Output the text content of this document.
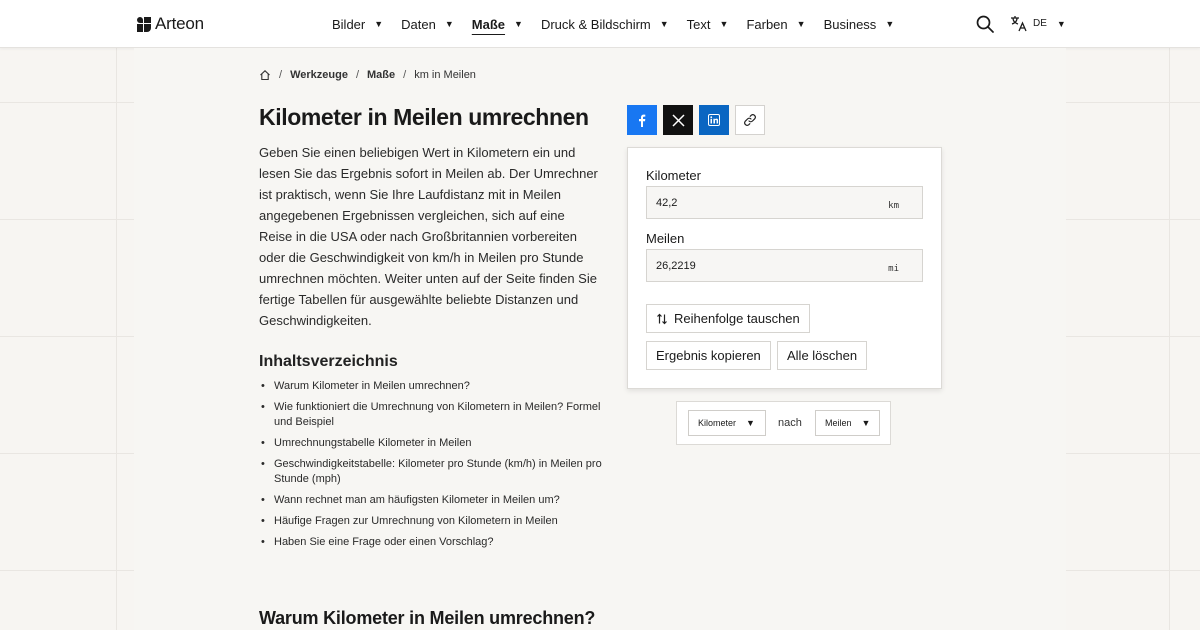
Arteon	Bilder ▼ Daten ▼ Maße ▼ Druck & Bildschirm ▼ Text ▼ Farben ▼ Business ▼	DE ▼
/ Werkzeuge / Maße / km in Meilen
Kilometer in Meilen umrechnen

Geben Sie einen beliebigen Wert in Kilometern ein und lesen Sie das Ergebnis sofort in Meilen ab. Der Umrechner ist praktisch, wenn Sie Ihre Laufdistanz mit in Meilen angegebenen Ergebnissen vergleichen, sich auf eine Reise in die USA oder nach Großbritannien vorbereiten oder die Geschwindigkeit von km/h in Meilen pro Stunde umrechnen möchten. Weiter unten auf der Seite finden Sie fertige Tabellen für ausgewählte beliebte Distanzen und Geschwindigkeiten.

Inhaltsverzeichnis
• Warum Kilometer in Meilen umrechnen?
• Wie funktioniert die Umrechnung von Kilometern in Meilen? Formel und Beispiel
• Umrechnungstabelle Kilometer in Meilen
• Geschwindigkeitstabelle: Kilometer pro Stunde (km/h) in Meilen pro Stunde (mph)
• Wann rechnet man am häufigsten Kilometer in Meilen um?
• Häufige Fragen zur Umrechnung von Kilometern in Meilen
• Haben Sie eine Frage oder einen Vorschlag?
Warum Kilometer in Meilen umrechnen?
Kilometer
42,2	km
Meilen
26,2219	mi
Reihenfolge tauschen
Ergebnis kopieren Alle löschen
Kilometer ▼ nach	Meilen ▼
